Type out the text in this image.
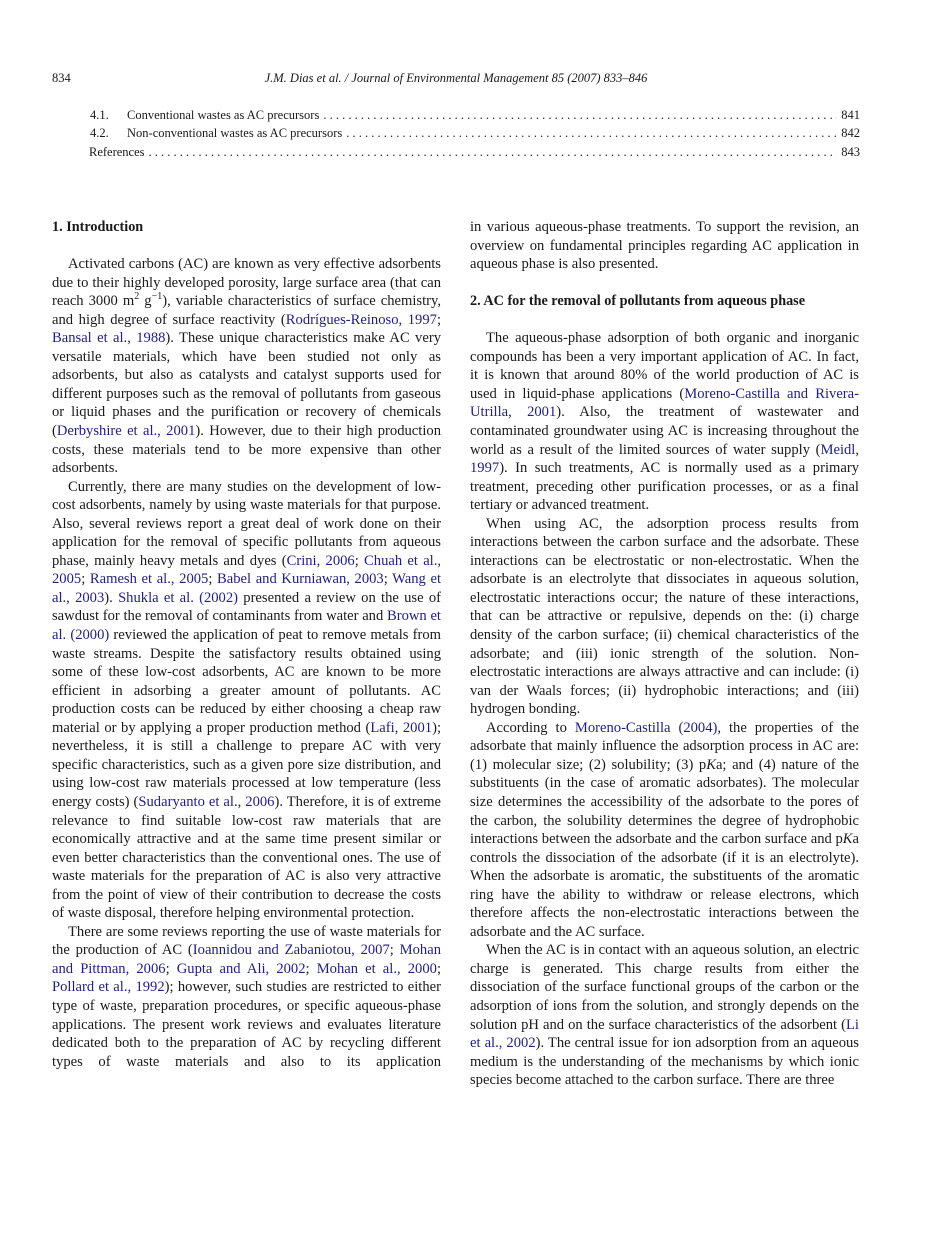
834	J.M. Dias et al. / Journal of Environmental Management 85 (2007) 833–846
4.1.	Conventional wastes as AC precursors . . .	841
4.2.	Non-conventional wastes as AC precursors . . .	842
References . . .	843
1. Introduction

Activated carbons (AC) are known as very effective adsorbents due to their highly developed porosity, large surface area (that can reach 3000 $m^2$ $g^{-1}$), variable characteristics of surface chemistry, and high degree of surface reactivity (Rodrígues-Reinoso, 1997; Bansal et al., 1988). These unique characteristics make AC very versatile materials, which have been studied not only as adsorbents, but also as catalysts and catalyst supports used for different purposes such as the removal of pollutants from gaseous or liquid phases and the purification or recovery of chemicals (Derbyshire et al., 2001). However, due to their high production costs, these materials tend to be more expensive than other adsorbents.

Currently, there are many studies on the development of low-cost adsorbents, namely by using waste materials for that purpose. Also, several reviews report a great deal of work done on their application for the removal of specific pollutants from aqueous phase, mainly heavy metals and dyes (Crini, 2006; Chuah et al., 2005; Ramesh et al., 2005; Babel and Kurniawan, 2003; Wang et al., 2003). Shukla et al. (2002) presented a review on the use of sawdust for the removal of contaminants from water and Brown et al. (2000) reviewed the application of peat to remove metals from waste streams. Despite the satisfactory results obtained using some of these low-cost adsorbents, AC are known to be more efficient in adsorbing a greater amount of pollutants. AC production costs can be reduced by either choosing a cheap raw material or by applying a proper production method (Lafi, 2001); nevertheless, it is still a challenge to prepare AC with very specific characteristics, such as a given pore size distribution, and using low-cost raw materials processed at low temperature (less energy costs) (Sudaryanto et al., 2006). Therefore, it is of extreme relevance to find suitable low-cost raw materials that are economically attractive and at the same time present similar or even better characteristics than the conventional ones. The use of waste materials for the preparation of AC is also very attractive from the point of view of their contribution to decrease the costs of waste disposal, therefore helping environmental protection.

There are some reviews reporting the use of waste materials for the production of AC (Ioannidou and Zabaniotou, 2007; Mohan and Pittman, 2006; Gupta and Ali, 2002; Mohan et al., 2000; Pollard et al., 1992); however, such studies are restricted to either type of waste, preparation procedures, or specific aqueous-phase applications. The present work reviews and evaluates literature dedicated both to the preparation of AC by recycling different types of waste materials and also to its application

in various aqueous-phase treatments. To support the revision, an overview on fundamental principles regarding AC application in aqueous phase is also presented.
2. AC for the removal of pollutants from aqueous phase

The aqueous-phase adsorption of both organic and inorganic compounds has been a very important application of AC. In fact, it is known that around 80% of the world production of AC is used in liquid-phase applications (Moreno-Castilla and Rivera-Utrilla, 2001). Also, the treatment of wastewater and contaminated groundwater using AC is increasing throughout the world as a result of the limited sources of water supply (Meidl, 1997). In such treatments, AC is normally used as a primary treatment, preceding other purification processes, or as a final tertiary or advanced treatment.

When using AC, the adsorption process results from interactions between the carbon surface and the adsorbate. These interactions can be electrostatic or non-electrostatic. When the adsorbate is an electrolyte that dissociates in aqueous solution, electrostatic interactions occur; the nature of these interactions, that can be attractive or repulsive, depends on the: (i) charge density of the carbon surface; (ii) chemical characteristics of the adsorbate; and (iii) ionic strength of the solution. Non-electrostatic interactions are always attractive and can include: (i) van der Waals forces; (ii) hydrophobic interactions; and (iii) hydrogen bonding.

According to Moreno-Castilla (2004), the properties of the adsorbate that mainly influence the adsorption process in AC are: (1) molecular size; (2) solubility; (3) pKa; and (4) nature of the substituents (in the case of aromatic adsorbates). The molecular size determines the accessibility of the adsorbate to the pores of the carbon, the solubility determines the degree of hydrophobic interactions between the adsorbate and the carbon surface and pKa controls the dissociation of the adsorbate (if it is an electrolyte). When the adsorbate is aromatic, the substituents of the aromatic ring have the ability to withdraw or release electrons, which therefore affects the non-electrostatic interactions between the adsorbate and the AC surface.

When the AC is in contact with an aqueous solution, an electric charge is generated. This charge results from either the dissociation of the surface functional groups of the carbon or the adsorption of ions from the solution, and strongly depends on the solution pH and on the surface characteristics of the adsorbent (Li et al., 2002). The central issue for ion adsorption from an aqueous medium is the understanding of the mechanisms by which ionic species become attached to the carbon surface. There are three
